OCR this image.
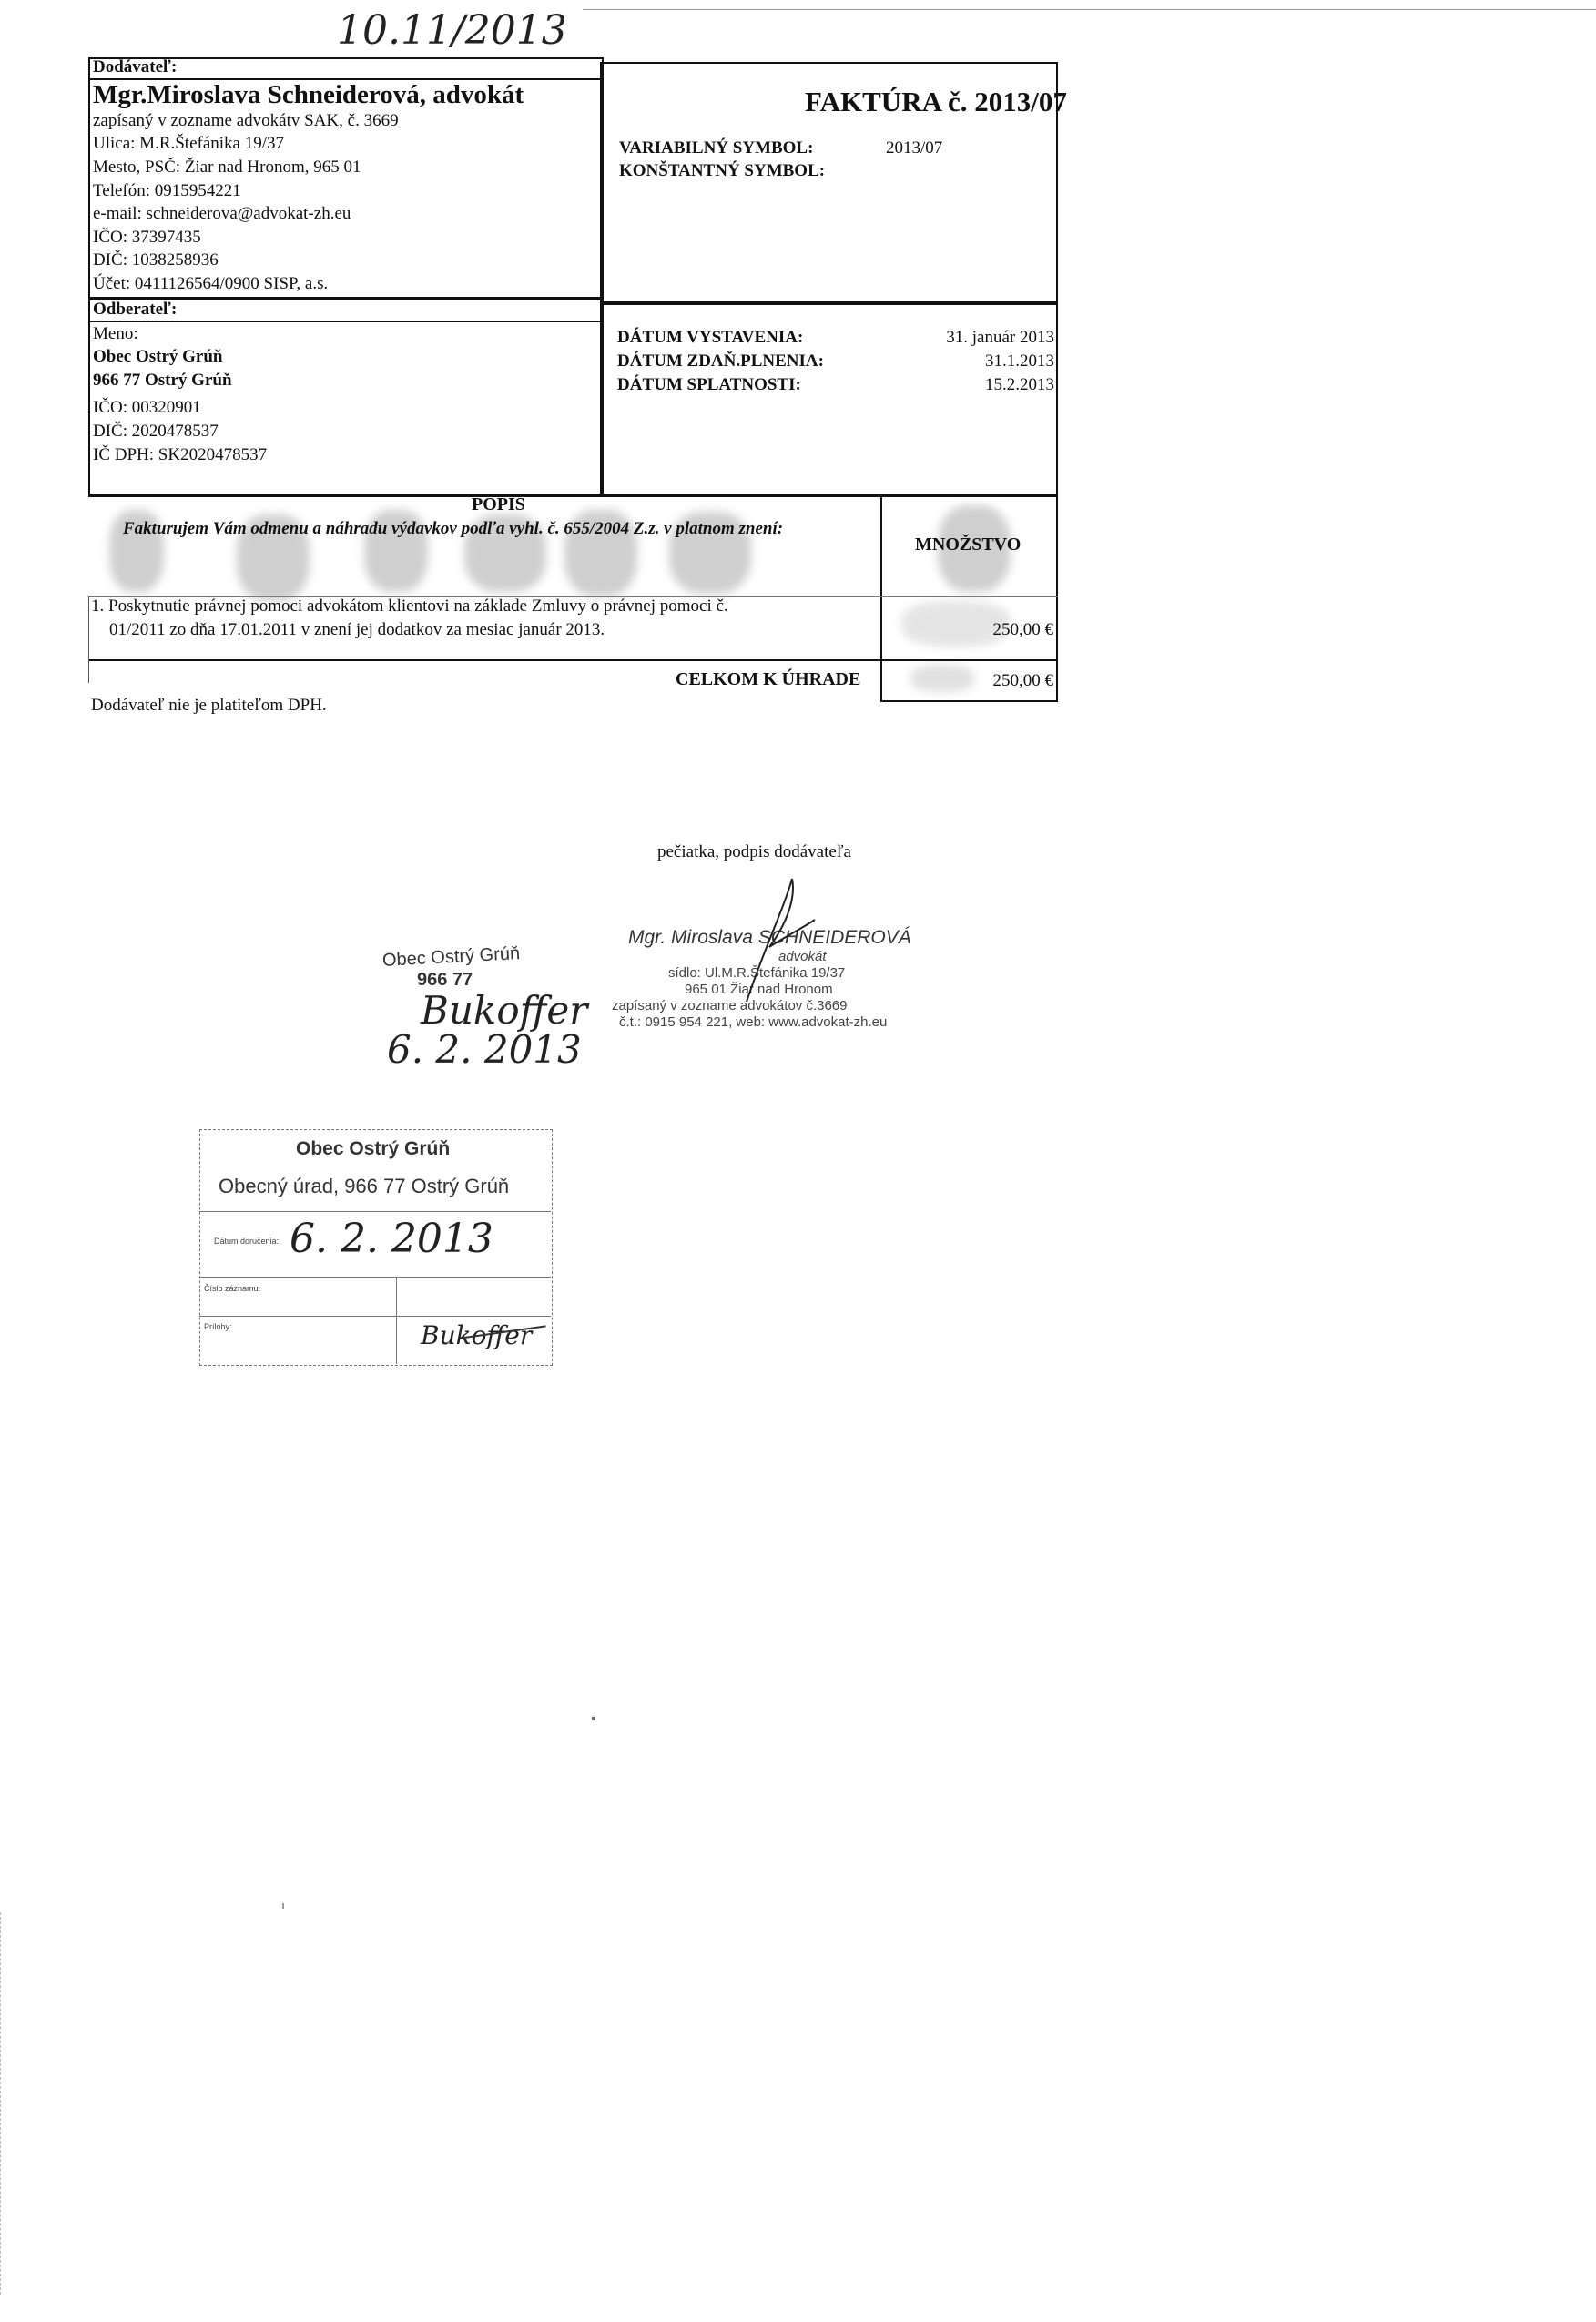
10.11/2013
Dodávateľ:
Mgr.Miroslava Schneiderová, advokát
zapísaný v zozname advokátv SAK, č. 3669
Ulica: M.R.Štefánika 19/37
Mesto, PSČ: Žiar nad Hronom, 965 01
Telefón: 0915954221
e-mail: schneiderova@advokat-zh.eu
IČO: 37397435
DIČ: 1038258936
Účet: 0411126564/0900 SISP, a.s.
FAKTÚRA č. 2013/07
VARIABILNÝ SYMBOL:	2013/07
KONŠTANTNÝ SYMBOL:
Odberateľ:
Meno:
Obec Ostrý Grúň
966 77 Ostrý Grúň
IČO: 00320901
DIČ: 2020478537
IČ DPH: SK2020478537
DÁTUM VYSTAVENIA:	31. január 2013
DÁTUM ZDAŇ.PLNENIA:	31.1.2013
DÁTUM SPLATNOSTI:	15.2.2013
POPIS
Fakturujem Vám odmenu a náhradu výdavkov podľa vyhl. č. 655/2004 Z.z. v platnom znení:
MNOŽSTVO
1. Poskytnutie právnej pomoci advokátom klientovi na základe Zmluvy o právnej pomoci č.
01/2011 zo dňa 17.01.2011 v znení jej dodatkov za mesiac január 2013.	250,00 €
CELKOM K ÚHRADE	250,00 €
Dodávateľ nie je platiteľom DPH.
pečiatka, podpis dodávateľa
Mgr. Miroslava SCHNEIDEROVÁ
advokát
sídlo: Ul.M.R.Štefánika 19/37
965 01 Žiar nad Hronom
zapísaný v zozname advokátov č.3669
č.t.: 0915 954 221, web: www.advokat-zh.eu
Obec Ostrý Grúň
966 77
Bukoffer
6. 2. 2013
Obec Ostrý Grúň
Obecný úrad, 966 77 Ostrý Grúň
Dátum doručenia: 6. 2. 2013
Číslo záznamu:
Prílohy:	Bukoffer
